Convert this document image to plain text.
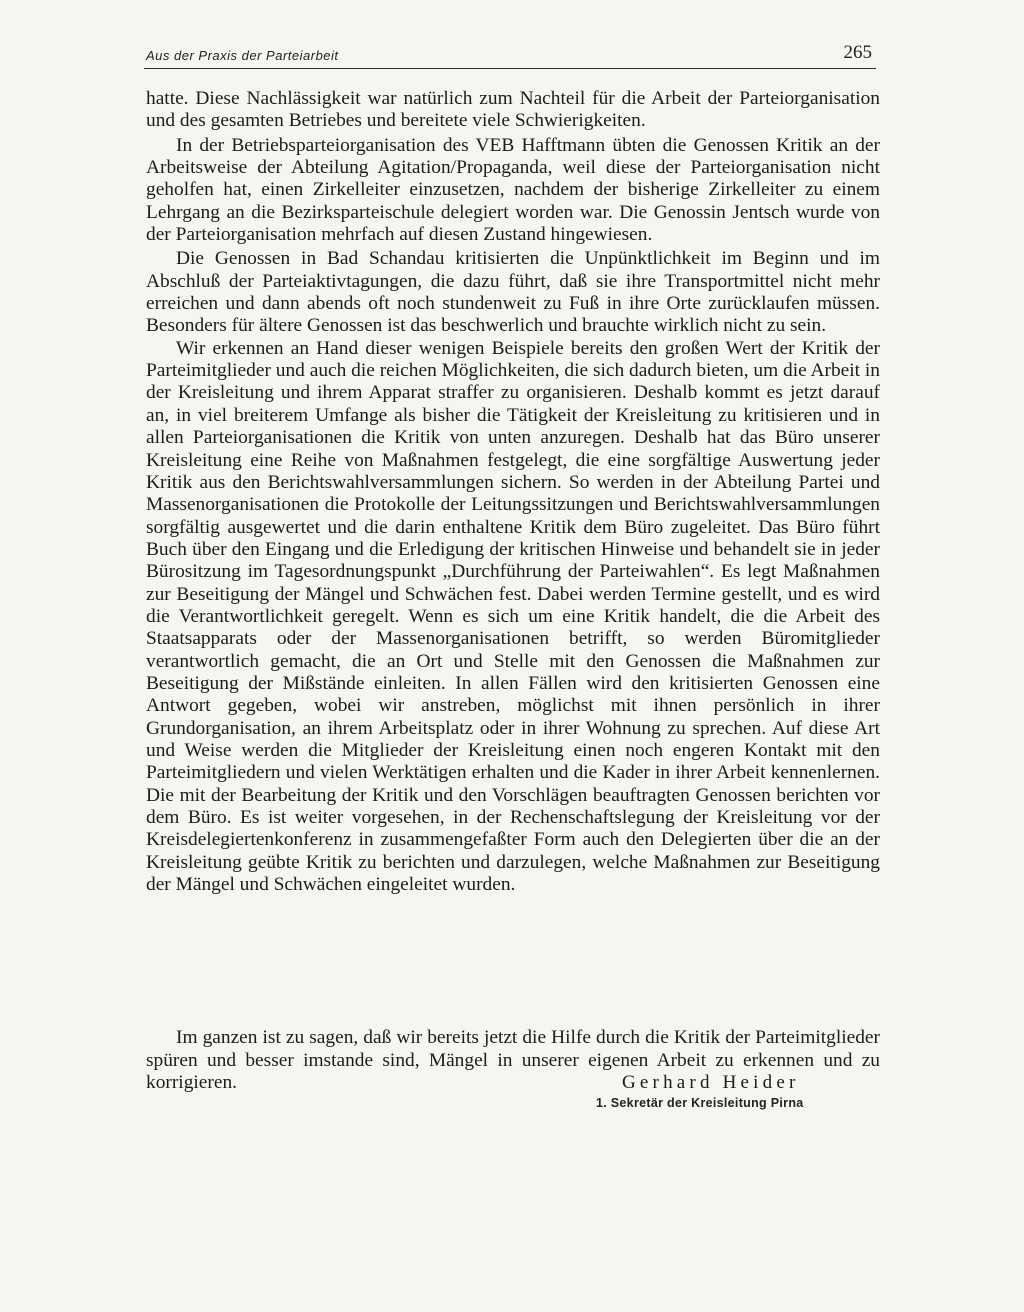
Aus der Praxis der Parteiarbeit	265

hatte. Diese Nachlässigkeit war natürlich zum Nachteil für die Arbeit der Parteiorganisation und des gesamten Betriebes und bereitete viele Schwierigkeiten.

In der Betriebsparteiorganisation des VEB Hafftmann übten die Genossen Kritik an der Arbeitsweise der Abteilung Agitation/Propaganda, weil diese der Parteiorganisation nicht geholfen hat, einen Zirkelleiter einzusetzen, nachdem der bisherige Zirkelleiter zu einem Lehrgang an die Bezirksparteischule delegiert worden war. Die Genossin Jentsch wurde von der Parteiorganisation mehrfach auf diesen Zustand hingewiesen.

Die Genossen in Bad Schandau kritisierten die Unpünktlichkeit im Beginn und im Abschluß der Parteiaktivtagungen, die dazu führt, daß sie ihre Transportmittel nicht mehr erreichen und dann abends oft noch stundenweit zu Fuß in ihre Orte zurücklaufen müssen. Besonders für ältere Genossen ist das beschwerlich und brauchte wirklich nicht zu sein.

Wir erkennen an Hand dieser wenigen Beispiele bereits den großen Wert der Kritik der Parteimitglieder und auch die reichen Möglichkeiten, die sich dadurch bieten, um die Arbeit in der Kreisleitung und ihrem Apparat straffer zu organisieren. Deshalb kommt es jetzt darauf an, in viel breiterem Umfange als bisher die Tätigkeit der Kreisleitung zu kritisieren und in allen Parteiorganisationen die Kritik von unten anzuregen. Deshalb hat das Büro unserer Kreisleitung eine Reihe von Maßnahmen festgelegt, die eine sorgfältige Auswertung jeder Kritik aus den Berichtswahlversammlungen sichern. So werden in der Abteilung Partei und Massenorganisationen die Protokolle der Leitungssitzungen und Berichtswahlversammlungen sorgfältig ausgewertet und die darin enthaltene Kritik dem Büro zugeleitet. Das Büro führt Buch über den Eingang und die Erledigung der kritischen Hinweise und behandelt sie in jeder Bürositzung im Tagesordnungspunkt „Durchführung der Parteiwahlen“. Es legt Maßnahmen zur Beseitigung der Mängel und Schwächen fest. Dabei werden Termine gestellt, und es wird die Verantwortlichkeit geregelt. Wenn es sich um eine Kritik handelt, die die Arbeit des Staatsapparats oder der Massenorganisationen betrifft, so werden Büromitglieder verantwortlich gemacht, die an Ort und Stelle mit den Genossen die Maßnahmen zur Beseitigung der Mißstände einleiten. In allen Fällen wird den kritisierten Genossen eine Antwort gegeben, wobei wir anstreben, möglichst mit ihnen persönlich in ihrer Grundorganisation, an ihrem Arbeitsplatz oder in ihrer Wohnung zu sprechen. Auf diese Art und Weise werden die Mitglieder der Kreisleitung einen noch engeren Kontakt mit den Parteimitgliedern und vielen Werktätigen erhalten und die Kader in ihrer Arbeit kennenlernen. Die mit der Bearbeitung der Kritik und den Vorschlägen beauftragten Genossen berichten vor dem Büro. Es ist weiter vorgesehen, in der Rechenschaftslegung der Kreisleitung vor der Kreisdelegiertenkonferenz in zusammengefaßter Form auch den Delegierten über die an der Kreisleitung geübte Kritik zu berichten und darzulegen, welche Maßnahmen zur Beseitigung der Mängel und Schwächen eingeleitet wurden.

Im ganzen ist zu sagen, daß wir bereits jetzt die Hilfe durch die Kritik der Parteimitglieder spüren und besser imstande sind, Mängel in unserer eigenen Arbeit zu erkennen und zu korrigieren.	Gerhard Heider
1. Sekretär der Kreisleitung Pirna
